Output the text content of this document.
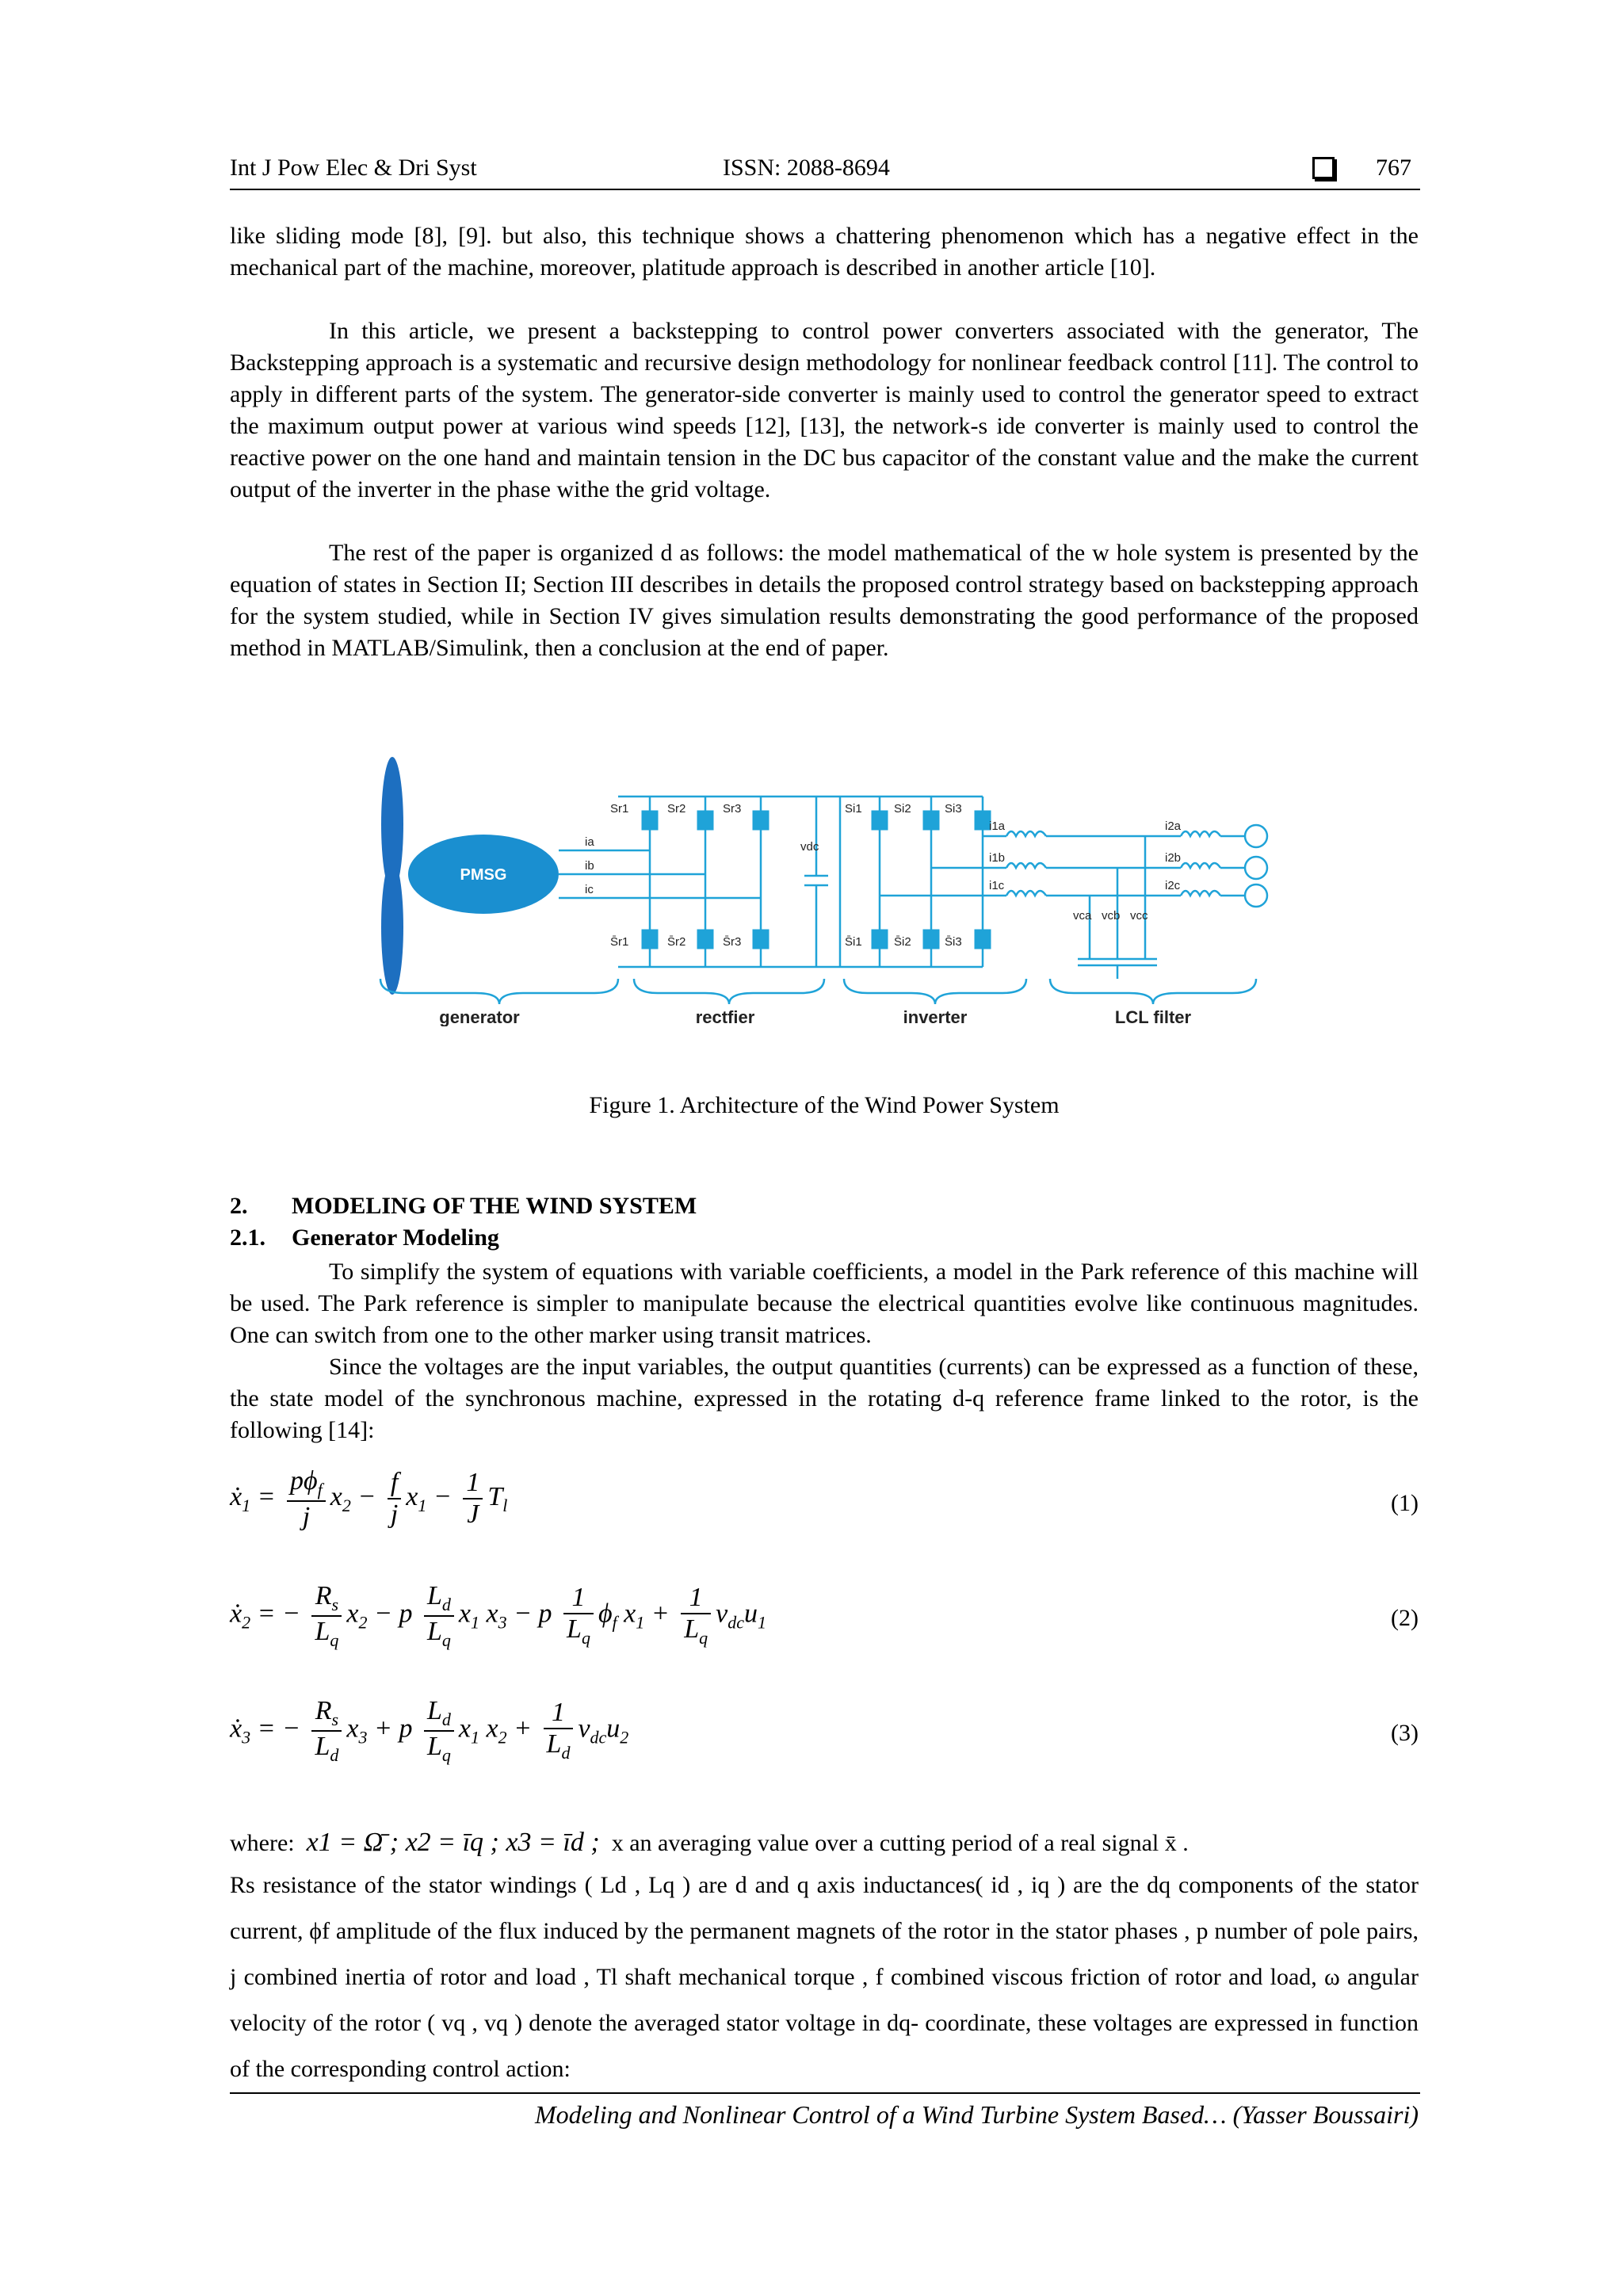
Int J Pow Elec & Dri Syst	ISSN: 2088-8694	767

like sliding mode [8], [9]. but also, this technique shows a chattering phenomenon which has a negative effect in the mechanical part of the machine, moreover, platitude approach is described in another article [10].

In this article, we present a backstepping to control power converters associated with the generator, The Backstepping approach is a systematic and recursive design methodology for nonlinear feedback control [11]. The control to apply in different parts of the system. The generator-side converter is mainly used to control the generator speed to extract the maximum output power at various wind speeds [12], [13], the network-s ide converter is mainly used to control the reactive power on the one hand and maintain tension in the DC bus capacitor of the constant value and the make the current output of the inverter in the phase withe the grid voltage.

The rest of the paper is organized d as follows: the model mathematical of the w hole system is presented by the equation of states in Section II; Section III describes in details the proposed control strategy based on backstepping approach for the system studied, while in Section IV gives simulation results demonstrating the good performance of the proposed method in MATLAB/Simulink, then a conclusion at the end of paper.

PMSG
Sr1	Sr2	Sr3	Si1	Si2	Si3
S̄r1	S̄r2	S̄r3	S̄i1	S̄i2	S̄i3
ia
ib
ic
vdc
i1a
i1b
i1c
i2a
i2b
i2c
vca vcb vcc
generator	rectfier	inverter	LCL filter
Figure 1. Architecture of the Wind Power System
2. MODELING OF THE WIND SYSTEM
2.1. Generator Modeling

To simplify the system of equations with variable coefficients, a model in the Park reference of this machine will be used. The Park reference is simpler to manipulate because the electrical quantities evolve like continuous magnitudes. One can switch from one to the other marker using transit matrices.

Since the voltages are the input variables, the output quantities (currents) can be expressed as a function of these, the state model of the synchronous machine, expressed in the rotating d-q reference frame linked to the rotor, is the following [14]:

ẋ$_1$ = $\frac{p\phi_f}{j} x_2 - \frac{f}{j} x_1 - \frac{1}{J} T_l$	(1)
ẋ$_2$ = − $\frac{R_s}{L_q} x_2 - p \frac{L_d}{L_q} x_1$ $x_3 - p \frac{1}{L_q} \phi_f$ $x_1 + \frac{1}{L_q} v_{dc}u_1$	(2)
ẋ$_3$ = − $\frac{R_s}{L_d} x_3 + p \frac{L_d}{L_q} x_1$ $x_2 + \frac{1}{L_d} v_{dc}u_2$	(3)
where: x1 = Ω̄ ; x2 = īq ; x3 = īd ; x an averaging value over a cutting period of a real signal x̄ .

Rs resistance of the stator windings ( Ld , Lq ) are d and q axis inductances( id , iq ) are the dq components of the stator current, ϕf amplitude of the flux induced by the permanent magnets of the rotor in the stator phases , p number of pole pairs, j combined inertia of rotor and load , Tl shaft mechanical torque , f combined viscous friction of rotor and load, ω angular velocity of the rotor ( vq , vq ) denote the averaged stator voltage in dq- coordinate, these voltages are expressed in function of the corresponding control action:

Modeling and Nonlinear Control of a Wind Turbine System Based… (Yasser Boussairi)
